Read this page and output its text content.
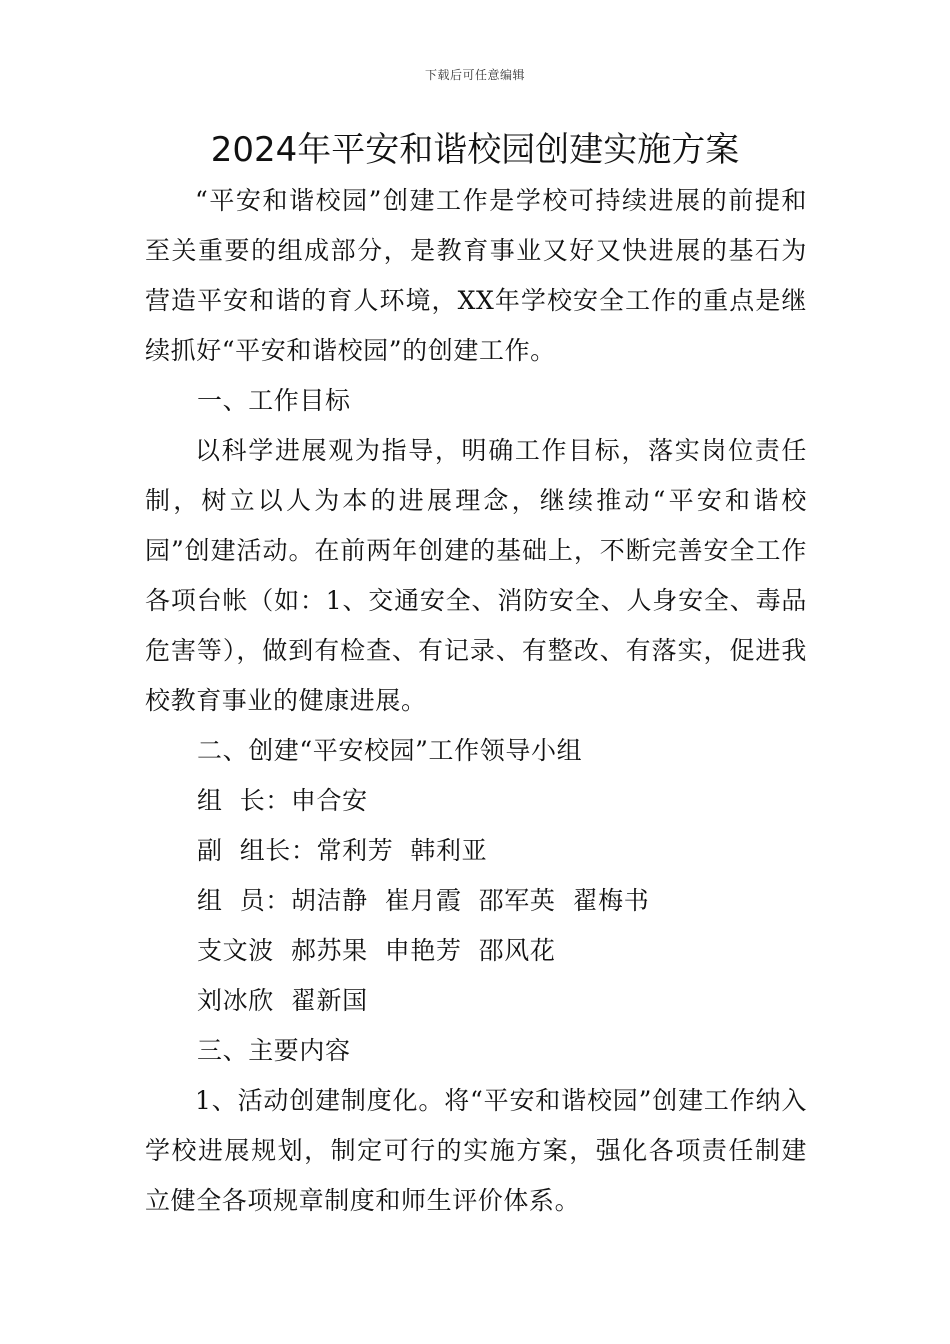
下载后可任意编辑
2024年平安和谐校园创建实施方案

“平安和谐校园”创建工作是学校可持续进展的前提和至关重要的组成部分，是教育事业又好又快进展的基石为营造平安和谐的育人环境，XX年学校安全工作的重点是继续抓好“平安和谐校园”的创建工作。

一、工作目标

以科学进展观为指导，明确工作目标，落实岗位责任制，树立以人为本的进展理念，继续推动“平安和谐校园”创建活动。在前两年创建的基础上，不断完善安全工作各项台帐（如：1、交通安全、消防安全、人身安全、毒品危害等），做到有检查、有记录、有整改、有落实，促进我校教育事业的健康进展。

二、创建“平安校园”工作领导小组

组  长：申合安

副  组长：常利芳  韩利亚

组  员：胡洁静  崔月霞  邵军英  翟梅书

支文波  郝苏果  申艳芳  邵风花

刘冰欣  翟新国

三、主要内容

1、活动创建制度化。将“平安和谐校园”创建工作纳入学校进展规划，制定可行的实施方案，强化各项责任制建立健全各项规章制度和师生评价体系。
